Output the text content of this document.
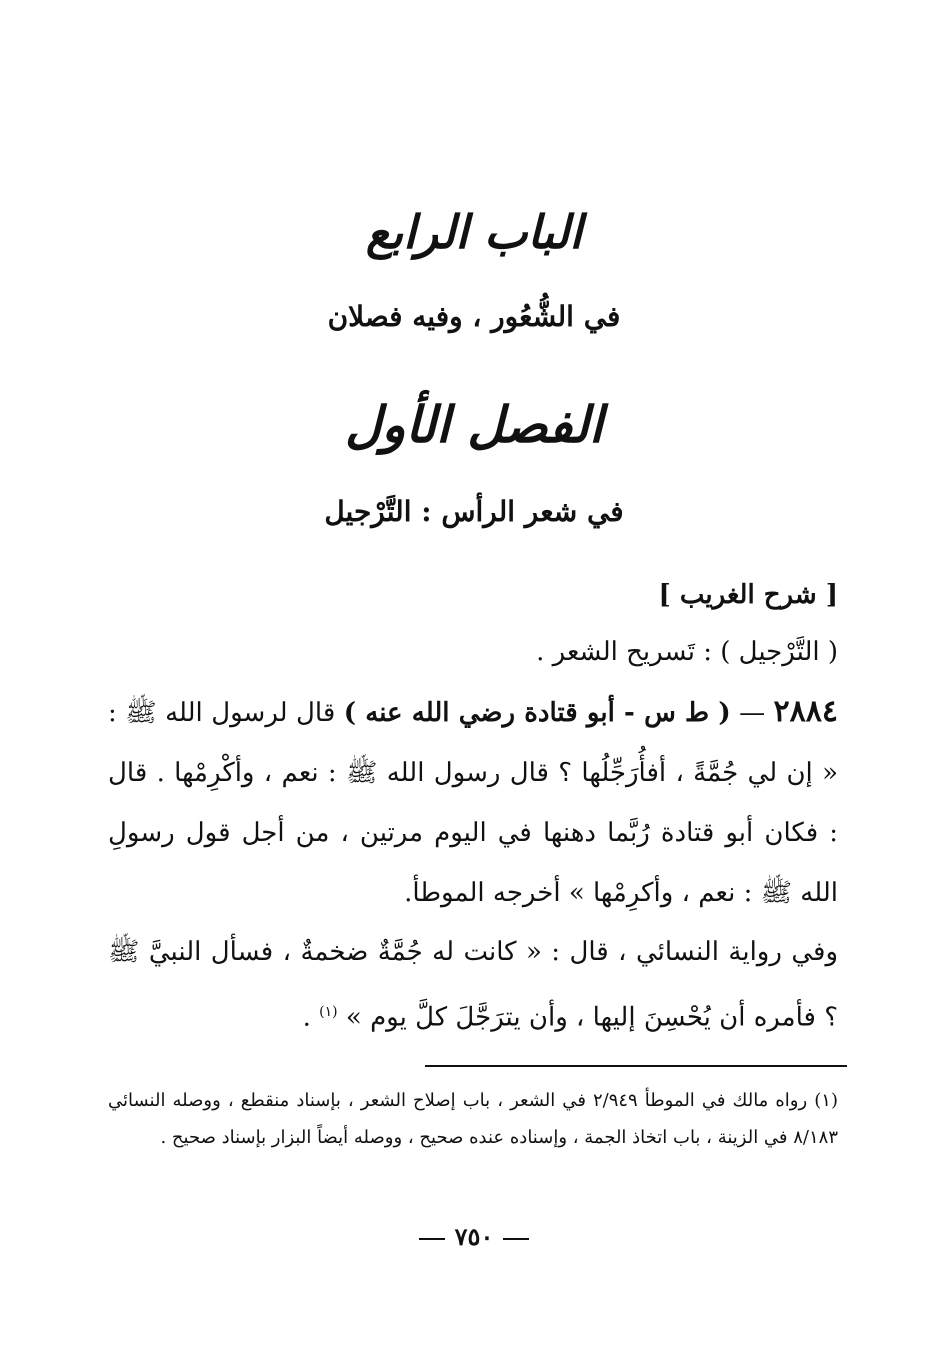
الباب الرابع
في الشُّعُور ، وفيه فصلان
الفصل الأول
في شعر الرأس : التَّرْجيل
[ شرح الغريب ]
( التَّرْجيل ) : تَسريح الشعر .

٢٨٨٤ — ( ط س - أبو قتادة رضي الله عنه ) قال لرسول الله ﷺ : « إن لي جُمَّةً ، أفأُرَجِّلُها ؟ قال رسول الله ﷺ : نعم ، وأكْرِمْها . قال : فكان أبو قتادة رُبَّما دهنها في اليوم مرتين ، من أجل قول رسولِ الله ﷺ : نعم ، وأكرِمْها » أخرجه الموطأ.

وفي رواية النسائي ، قال : « كانت له جُمَّةٌ ضخمةٌ ، فسأل النبيَّ ﷺ ؟ فأمره أن يُحْسِنَ إليها ، وأن يترَجَّلَ كلَّ يوم » $^{(١)}$ .

(١) رواه مالك في الموطأ ٢/٩٤٩ في الشعر ، باب إصلاح الشعر ، بإسناد منقطع ، ووصله النسائي ٨/١٨٣ في الزينة ، باب اتخاذ الجمة ، وإسناده عنده صحيح ، ووصله أيضاً البزار بإسناد صحيح .

٧٥٠
